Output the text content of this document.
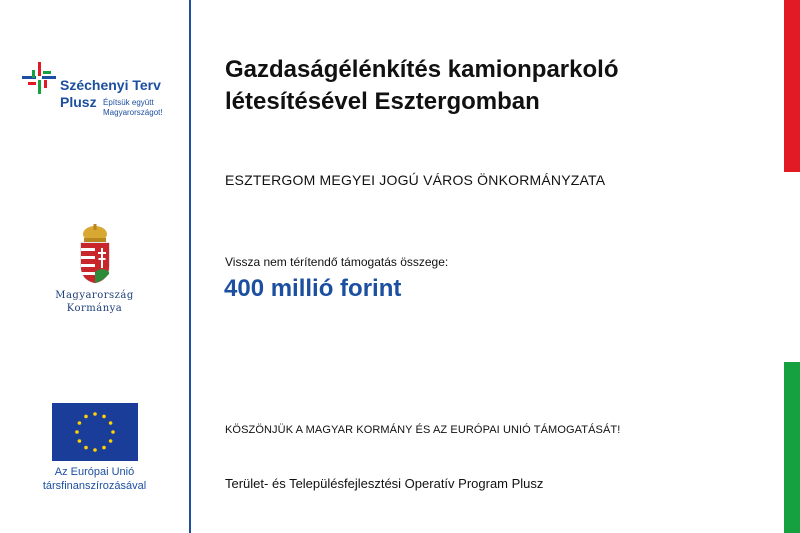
Széchenyi Terv
Plusz Építsük együtt
Magyarországot!
Magyarország
Kormánya
Az Európai Unió
társfinanszírozásával
Gazdaságélénkítés kamionparkoló
létesítésével Esztergomban
ESZTERGOM MEGYEI JOGÚ VÁROS ÖNKORMÁNYZATA
Vissza nem térítendő támogatás összege:
400 millió forint
KÖSZÖNJÜK A MAGYAR KORMÁNY ÉS AZ EURÓPAI UNIÓ TÁMOGATÁSÁT!
Terület- és Településfejlesztési Operatív Program Plusz
